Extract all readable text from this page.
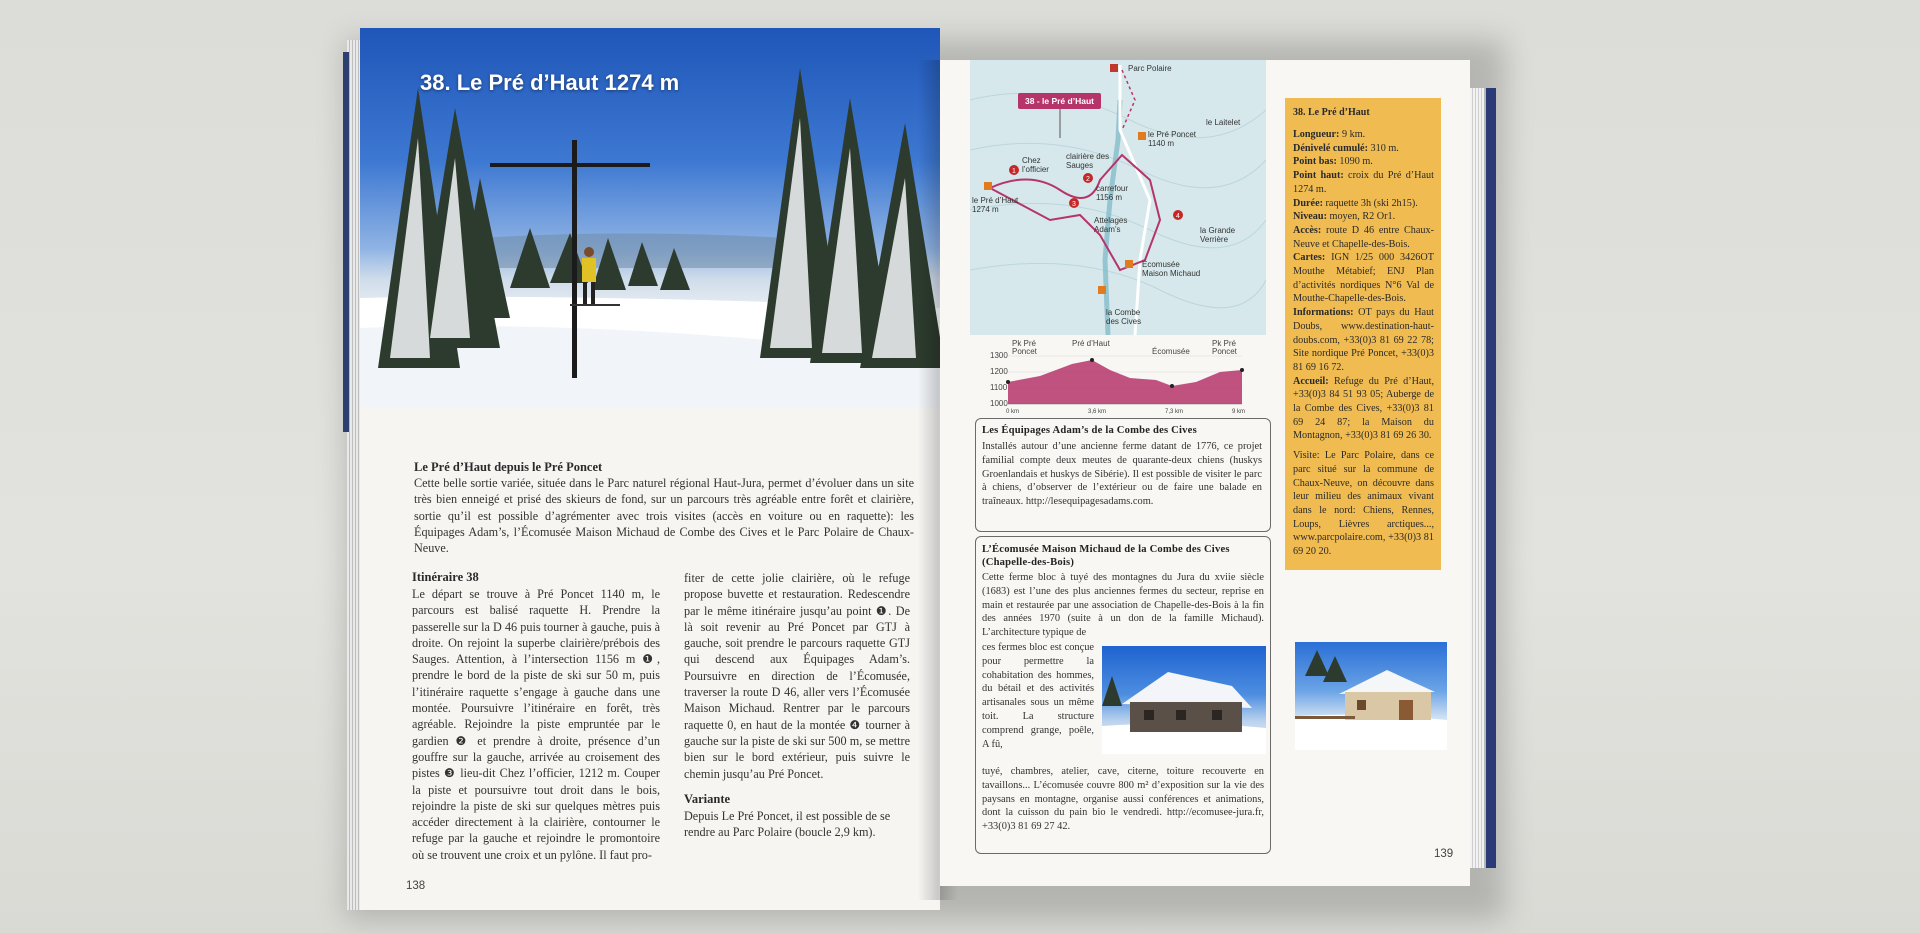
38. Le Pré d’Haut 1274 m
Le Pré d’Haut depuis le Pré Poncet
Cette belle sortie variée, située dans le Parc naturel régional Haut-Jura, permet d’évoluer dans un site très bien enneigé et prisé des skieurs de fond, sur un parcours très agréable entre forêt et clairière, sortie qu’il est possible d’agrémenter avec trois visites (accès en voiture ou en raquette): les Équipages Adam’s, l’Écomusée Maison Michaud de Combe des Cives et le Parc Polaire de Chaux-Neuve.
Itinéraire 38
Le départ se trouve à Pré Poncet 1140 m, le parcours est balisé raquette H. Prendre la passerelle sur la D 46 puis tourner à gauche, puis à droite. On rejoint la superbe clairière/prébois des Sauges. Attention, à l’intersection 1156 m ❶, prendre le bord de la piste de ski sur 50 m, puis l’itinéraire raquette s’engage à gauche dans une montée. Poursuivre l’itinéraire en forêt, très agréable. Rejoindre la piste empruntée par le gardien ❷ et prendre à droite, présence d’un gouffre sur la gauche, arrivée au croisement des pistes ❸ lieu-dit Chez l’officier, 1212 m. Couper la piste et poursuivre tout droit dans le bois, rejoindre la piste de ski sur quelques mètres puis accéder directement à la clairière, contourner le refuge par la gauche et rejoindre le promontoire où se trouvent une croix et un pylône. Il faut pro-
fiter de cette jolie clairière, où le refuge propose buvette et restauration. Redescendre par le même itinéraire jusqu’au point ❶. De là soit revenir au Pré Poncet par GTJ à gauche, soit prendre le parcours raquette GTJ qui descend aux Équipages Adam’s. Poursuivre en direction de l’Écomusée, traverser la route D 46, aller vers l’Écomusée Maison Michaud. Rentrer par le parcours raquette 0, en haut de la montée ❹ tourner à gauche sur la piste de ski sur 500 m, se mettre bien sur le bord extérieur, puis suivre le chemin jusqu’au Pré Poncet.
Variante
Depuis Le Pré Poncet, il est possible de se rendre au Parc Polaire (boucle 2,9 km).
138
1
2
3
4
38 - le Pré d’Haut
Parc Polaire
le Laitelet
le Pré Poncet
1140 m
Chez
l’officier
clairière des
Sauges
carrefour
1156 m
le Pré d’Haut
1274 m
Attelages
Adam’s	la Grande
Verrière
Écomusée
Maison Michaud
la Combe
des Cives
1300
1200
1100
1000
0 km	3,6 km	7,3 km	9 km
Pk Pré
Poncet
Pré d’Haut
Écomusée
Pk Pré
Poncet
Les Équipages Adam’s de la Combe des Cives
Installés autour d’une ancienne ferme datant de 1776, ce projet familial compte deux meutes de quarante-deux chiens (huskys Groenlandais et huskys de Sibérie). Il est possible de visiter le parc à chiens, d’observer de l’extérieur ou de faire une balade en traîneaux. http://lesequipagesadams.com.
L’Écomusée Maison Michaud de la Combe des Cives (Chapelle-des-Bois)
Cette ferme bloc à tuyé des montagnes du Jura du xviie siècle (1683) est l’une des plus anciennes fermes du secteur, reprise en main et restaurée par une association de Chapelle-des-Bois à la fin des années 1970 (suite à un don de la famille Michaud). L’architecture typique de
ces fermes bloc est conçue pour permettre la cohabitation des hommes, du bétail et des activités artisanales sous un même toit. La structure comprend grange, poêle, A fû,
tuyé, chambres, atelier, cave, citerne, toiture recouverte en tavaillons... L’écomusée couvre 800 m² d’exposition sur la vie des paysans en montagne, organise aussi conférences et animations, dont la cuisson du pain bio le vendredi. http://ecomusee-jura.fr, +33(0)3 81 69 27 42.
38. Le Pré d’Haut
Longueur: 9 km.
Dénivelé cumulé: 310 m.
Point bas: 1090 m.
Point haut: croix du Pré d’Haut 1274 m.
Durée: raquette 3h (ski 2h15).
Niveau: moyen, R2 Or1.
Accès: route D 46 entre Chaux-Neuve et Chapelle-des-Bois.
Cartes: IGN 1/25 000 3426OT Mouthe Métabief; ENJ Plan d’activités nordiques N°6 Val de Mouthe-Chapelle-des-Bois.
Informations: OT pays du Haut Doubs, www.destination-haut-doubs.com, +33(0)3 81 69 22 78; Site nordique Pré Poncet, +33(0)3 81 69 16 72.
Accueil: Refuge du Pré d’Haut, +33(0)3 84 51 93 05; Auberge de la Combe des Cives, +33(0)3 81 69 24 87; la Maison du Montagnon, +33(0)3 81 69 26 30.
Visite: Le Parc Polaire, dans ce parc situé sur la commune de Chaux-Neuve, on découvre dans leur milieu des animaux vivant dans le nord: Chiens, Rennes, Loups, Lièvres arctiques..., www.parcpolaire.com, +33(0)3 81 69 20 20.
139
